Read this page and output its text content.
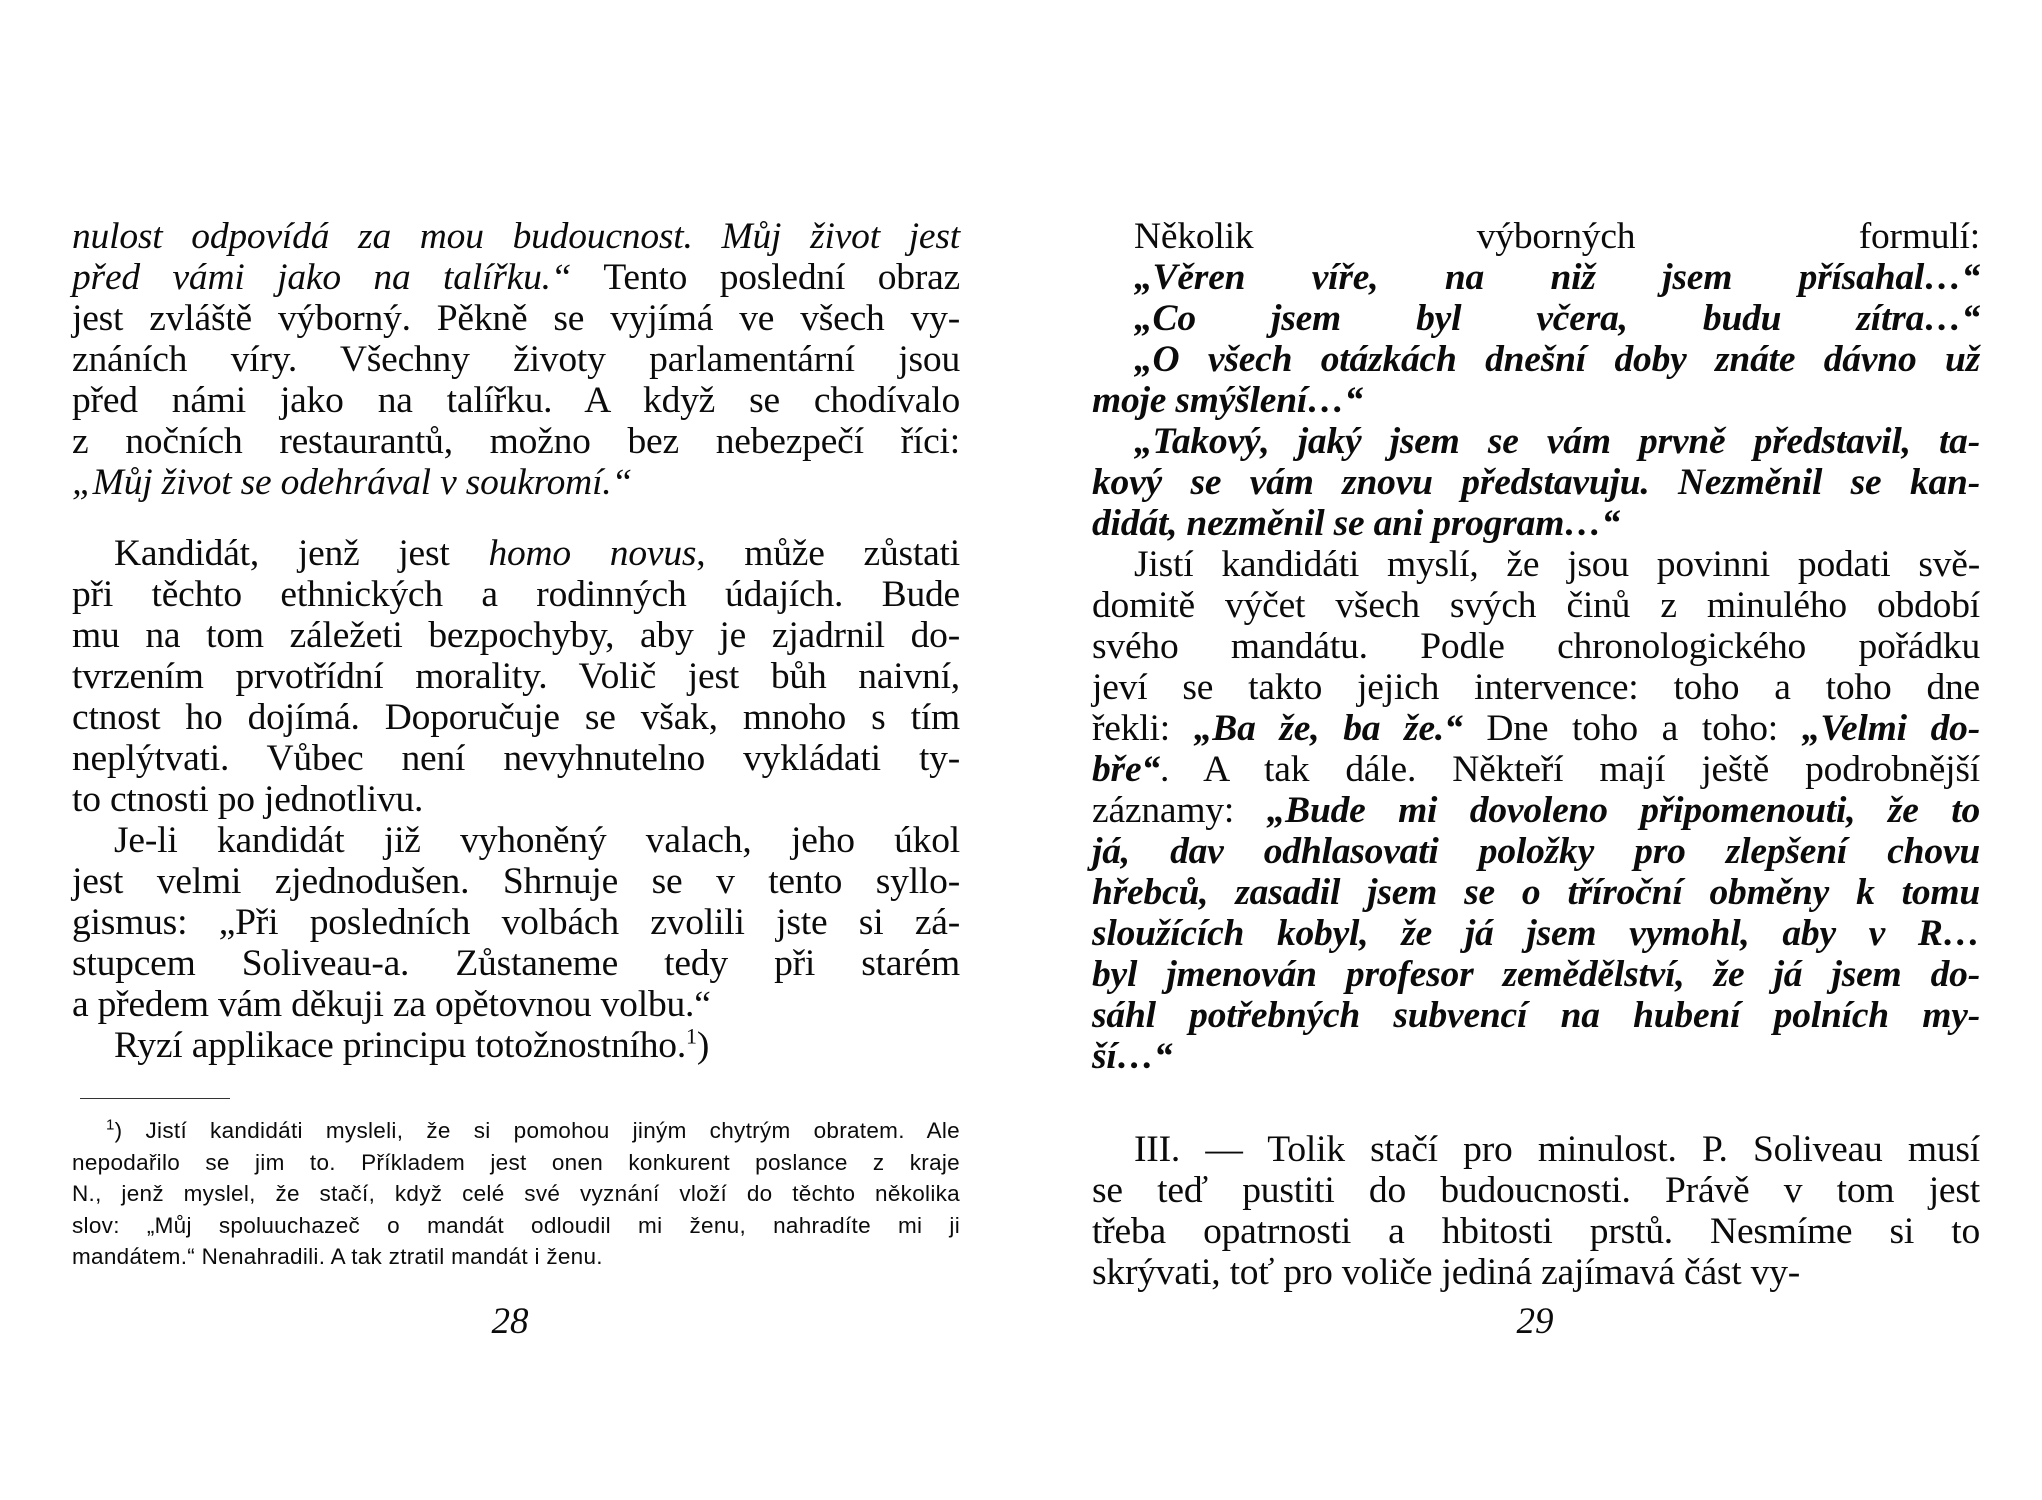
nulost odpovídá za mou budoucnost. Můj život jest
před vámi jako na talířku.“ Tento poslední obraz
jest zvláště výborný. Pěkně se vyjímá ve všech vy-
znáních víry. Všechny životy parlamentární jsou
před námi jako na talířku. A když se chodívalo
z nočních restaurantů, možno bez nebezpečí říci:
„Můj život se odehrával v soukromí.“
Kandidát, jenž jest homo novus, může zůstati
při těchto ethnických a rodinných údajích. Bude
mu na tom záležeti bezpochyby, aby je zjadrnil do-
tvrzením prvotřídní morality. Volič jest bůh naivní,
ctnost ho dojímá. Doporučuje se však, mnoho s tím
neplýtvati. Vůbec není nevyhnutelno vykládati ty-
to ctnosti po jednotlivu.
Je-li kandidát již vyhoněný valach, jeho úkol
jest velmi zjednodušen. Shrnuje se v tento syllo-
gismus: „Při posledních volbách zvolili jste si zá-
stupcem Soliveau-a. Zůstaneme tedy při starém
a předem vám děkuji za opětovnou volbu.“
Ryzí applikace principu totožnostního.$^1$)
$^1$) Jistí kandidáti mysleli, že si pomohou jiným chytrým obratem. Ale
nepodařilo se jim to. Příkladem jest onen konkurent poslance z kraje
N., jenž myslel, že stačí, když celé své vyznání vloží do těchto několika
slov: „Můj spoluuchazeč o mandát odloudil mi ženu, nahradíte mi ji
mandátem.“ Nenahradili. A tak ztratil mandát i ženu.
28
Několik výborných formulí:
„Věren víře, na niž jsem přísahal…“
„Co jsem byl včera, budu zítra…“
„O všech otázkách dnešní doby znáte dávno už
moje smýšlení…“
„Takový, jaký jsem se vám prvně představil, ta-
kový se vám znovu představuju. Nezměnil se kan-
didát, nezměnil se ani program…“
Jistí kandidáti myslí, že jsou povinni podati svě-
domitě výčet všech svých činů z minulého období
svého mandátu. Podle chronologického pořádku
jeví se takto jejich intervence: toho a toho dne
řekli: „Ba že, ba že.“ Dne toho a toho: „Velmi do-
bře“. A tak dále. Někteří mají ještě podrobnější
záznamy: „Bude mi dovoleno připomenouti, že to
já, dav odhlasovati položky pro zlepšení chovu
hřebců, zasadil jsem se o tříroční obměny k tomu
sloužících kobyl, že já jsem vymohl, aby v R…
byl jmenován profesor zemědělství, že já jsem do-
sáhl potřebných subvencí na hubení polních my-
ší…“
III. — Tolik stačí pro minulost. P. Soliveau musí
se teď pustiti do budoucnosti. Právě v tom jest
třeba opatrnosti a hbitosti prstů. Nesmíme si to
skrývati, toť pro voliče jediná zajímavá část vy-
29
